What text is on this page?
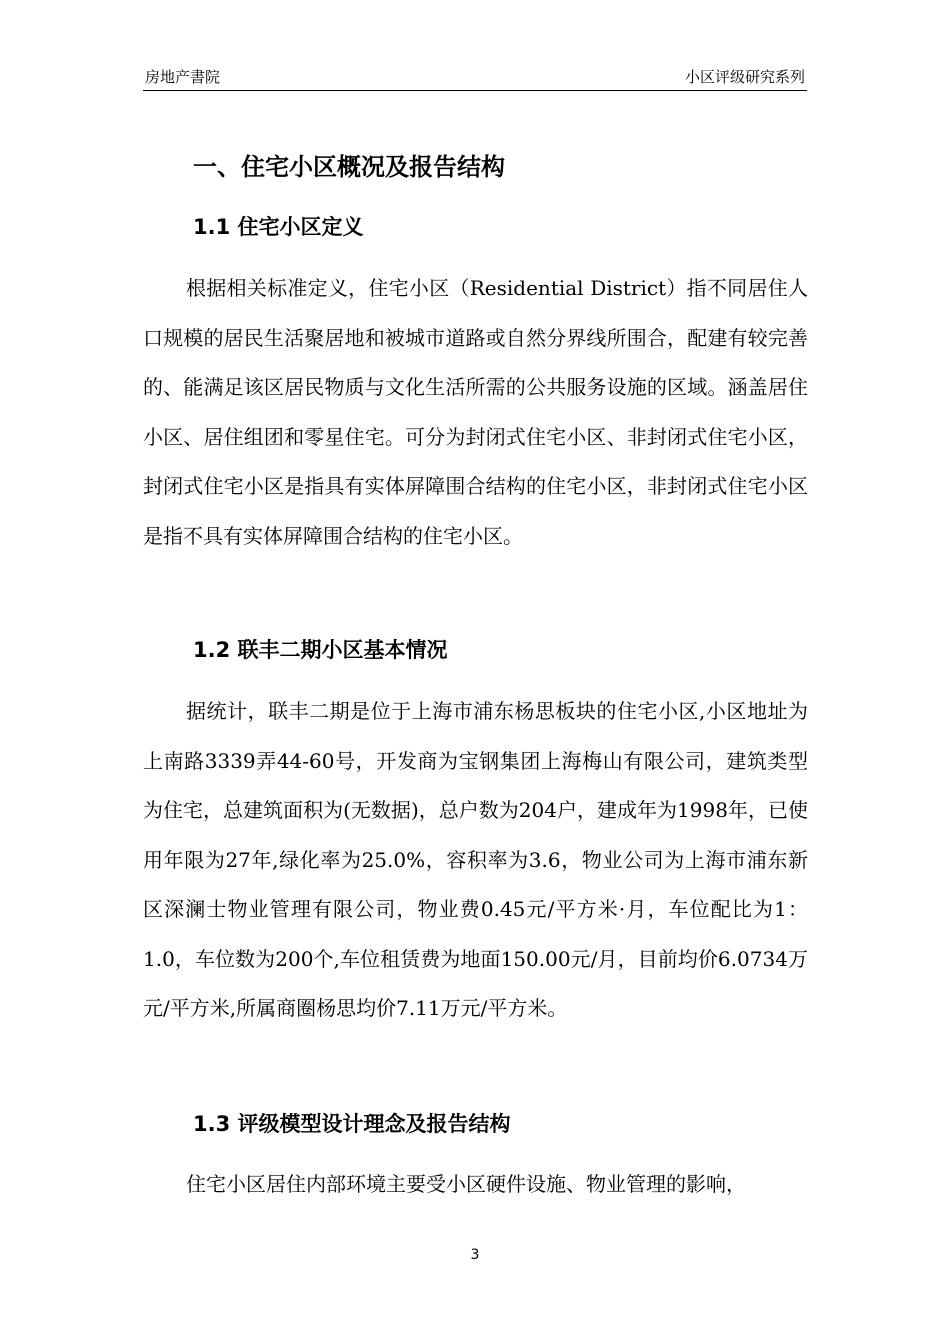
房地产書院	小区评级研究系列
一、住宅小区概况及报告结构
1.1 住宅小区定义

根据相关标准定义，住宅小区（Residential District）指不同居住人口规模的居民生活聚居地和被城市道路或自然分界线所围合，配建有较完善的、能满足该区居民物质与文化生活所需的公共服务设施的区域。涵盖居住小区、居住组团和零星住宅。可分为封闭式住宅小区、非封闭式住宅小区，封闭式住宅小区是指具有实体屏障围合结构的住宅小区，非封闭式住宅小区是指不具有实体屏障围合结构的住宅小区。

1.2 联丰二期小区基本情况

据统计，联丰二期是位于上海市浦东杨思板块的住宅小区,小区地址为上南路3339弄44-60号，开发商为宝钢集团上海梅山有限公司，建筑类型为住宅，总建筑面积为(无数据)，总户数为204户，建成年为1998年，已使用年限为27年,绿化率为25.0%，容积率为3.6，物业公司为上海市浦东新区深澜士物业管理有限公司，物业费0.45元/平方米·月，车位配比为1：1.0，车位数为200个,车位租赁费为地面150.00元/月，目前均价6.0734万元/平方米,所属商圈杨思均价7.11万元/平方米。

1.3 评级模型设计理念及报告结构

住宅小区居住内部环境主要受小区硬件设施、物业管理的影响，

3
